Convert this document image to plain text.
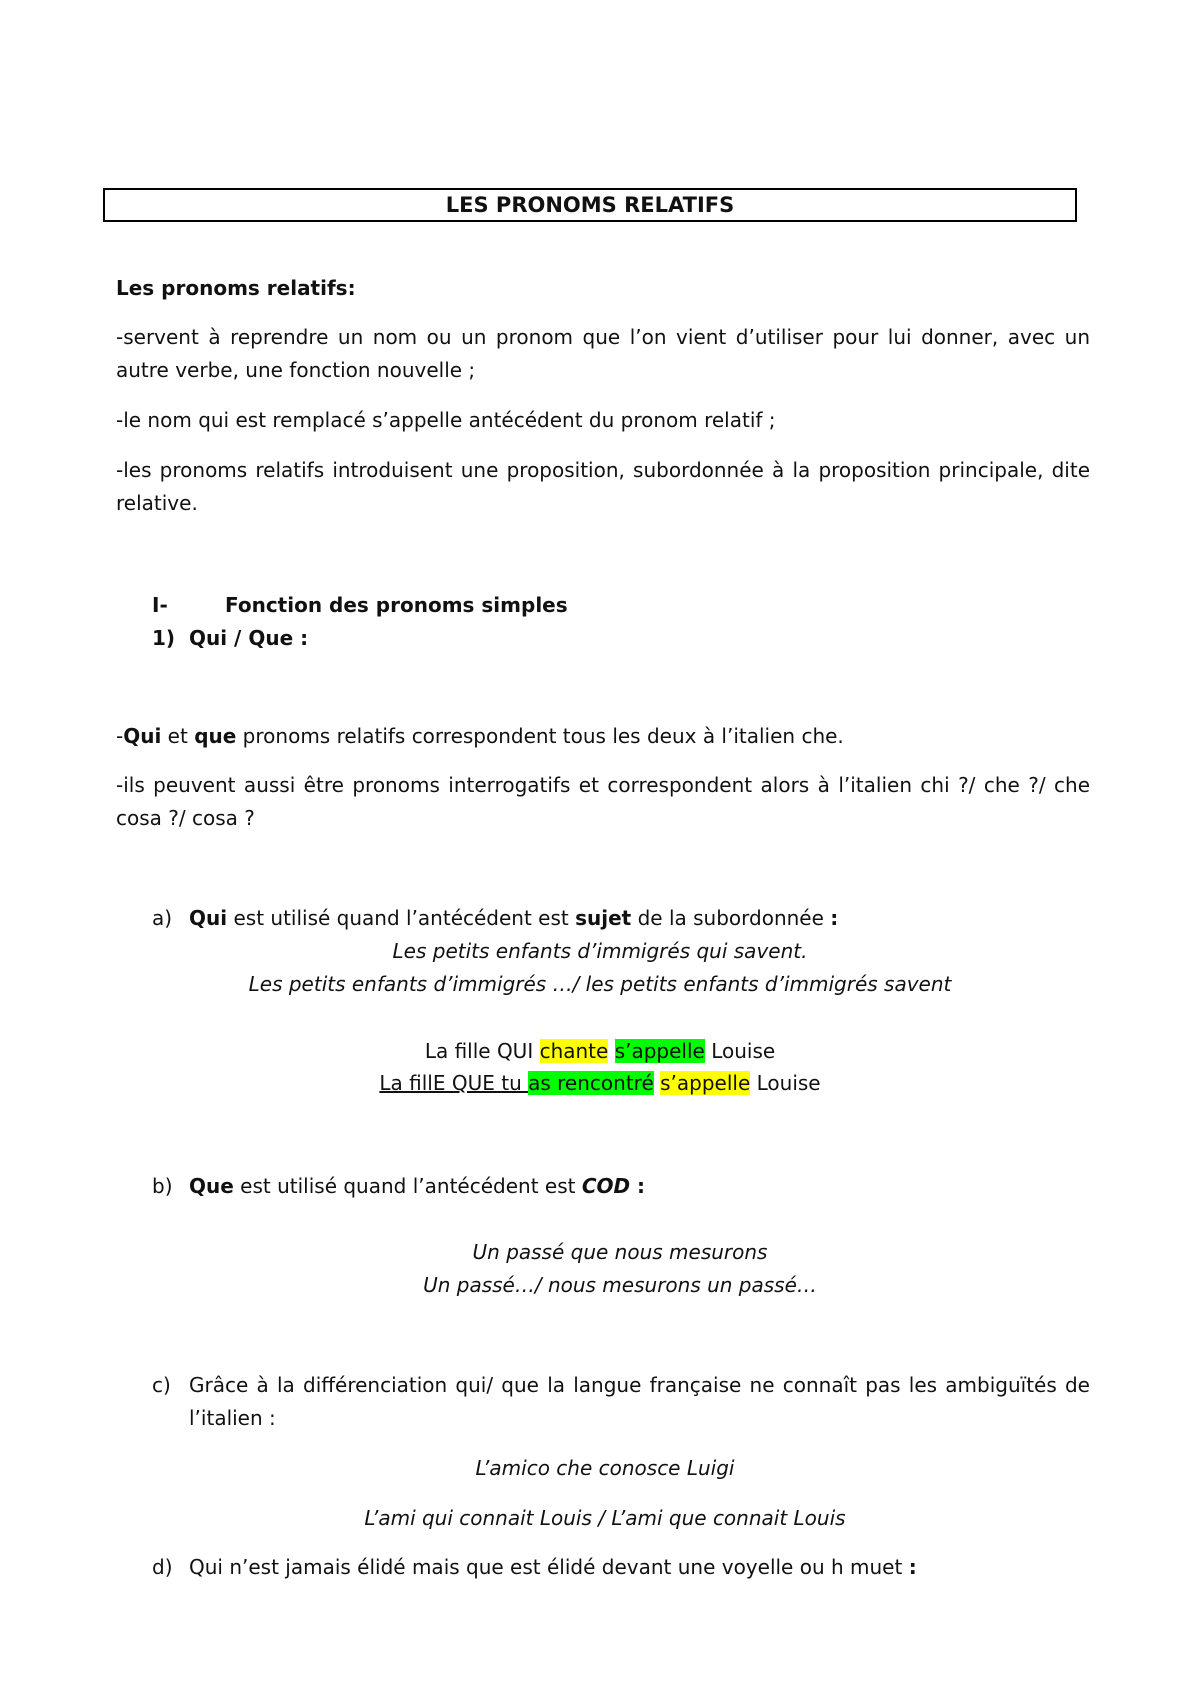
LES PRONOMS RELATIFS
Les pronoms relatifs:
-servent à reprendre un nom ou un pronom que l’on vient d’utiliser pour lui donner, avec un autre verbe, une fonction nouvelle ;
-le nom qui est remplacé s’appelle antécédent du pronom relatif ;
-les pronoms relatifs introduisent une proposition, subordonnée à la proposition principale, dite relative.
I-	Fonction des pronoms simples
1) Qui / Que :
-Qui et que pronoms relatifs correspondent tous les deux à l’italien che.
-ils peuvent aussi être pronoms interrogatifs et correspondent alors à l’italien chi ?/ che ?/ che cosa ?/ cosa ?
a) Qui est utilisé quand l’antécédent est sujet de la subordonnée :
Les petits enfants d’immigrés qui savent.
Les petits enfants d’immigrés …/ les petits enfants d’immigrés savent
La fille QUI chante s’appelle Louise
La fillE QUE tu as rencontré s’appelle Louise
b) Que est utilisé quand l’antécédent est COD :
Un passé que nous mesurons
Un passé…/ nous mesurons un passé…
c) Grâce à la différenciation qui/ que la langue française ne connaît pas les ambiguïtés de l’italien :
L’amico che conosce Luigi
L’ami qui connait Louis / L’ami que connait Louis
d) Qui n’est jamais élidé mais que est élidé devant une voyelle ou h muet :
